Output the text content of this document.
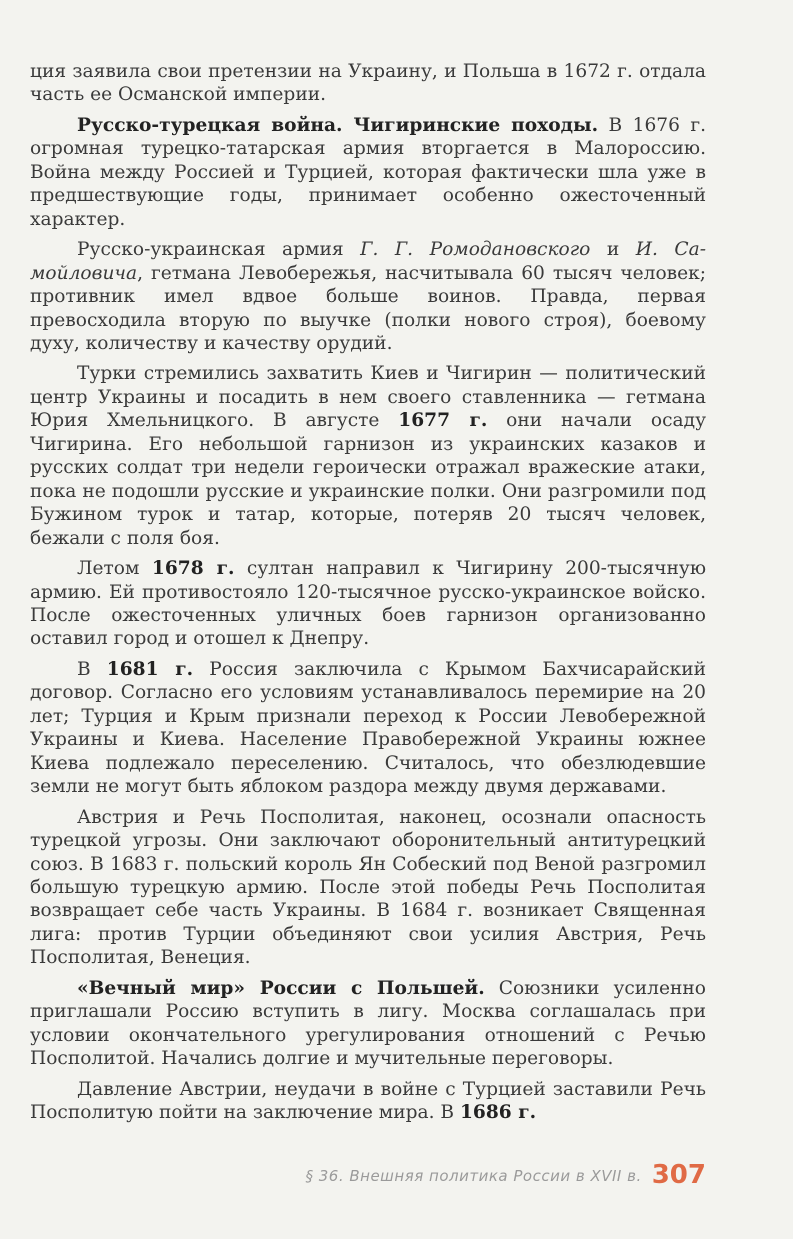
ция заявила свои претензии на Украину, и Польша в 1672 г. отдала часть ее Османской империи.

Русско-турецкая война. Чигиринские походы. В 1676 г. огромная турецко-татарская армия вторгается в Малороссию. Война между Россией и Турцией, которая фактически шла уже в предшествующие годы, принимает особенно ожесточенный характер.

Русско-украинская армия Г. Г. Ромодановского и И. Самойловича, гетмана Левобережья, насчитывала 60 тысяч человек; противник имел вдвое больше воинов. Правда, первая превосходила вторую по выучке (полки нового строя), боевому духу, количеству и качеству орудий.

Турки стремились захватить Киев и Чигирин — политический центр Украины и посадить в нем своего ставленника — гетмана Юрия Хмельницкого. В августе 1677 г. они начали осаду Чигирина. Его небольшой гарнизон из украинских казаков и русских солдат три недели героически отражал вражеские атаки, пока не подошли русские и украинские полки. Они разгромили под Бужином турок и татар, которые, потеряв 20 тысяч человек, бежали с поля боя.

Летом 1678 г. султан направил к Чигирину 200-тысячную армию. Ей противостояло 120-тысячное русско-украинское войско. После ожесточенных уличных боев гарнизон организованно оставил город и отошел к Днепру.

В 1681 г. Россия заключила с Крымом Бахчисарайский договор. Согласно его условиям устанавливалось перемирие на 20 лет; Турция и Крым признали переход к России Левобережной Украины и Киева. Население Правобережной Украины южнее Киева подлежало переселению. Считалось, что обезлюдевшие земли не могут быть яблоком раздора между двумя державами.

Австрия и Речь Посполитая, наконец, осознали опасность турецкой угрозы. Они заключают оборонительный антитурецкий союз. В 1683 г. польский король Ян Собеский под Веной разгромил большую турецкую армию. После этой победы Речь Посполитая возвращает себе часть Украины. В 1684 г. возникает Священная лига: против Турции объединяют свои усилия Австрия, Речь Посполитая, Венеция.

«Вечный мир» России с Польшей. Союзники усиленно приглашали Россию вступить в лигу. Москва соглашалась при условии окончательного урегулирования отношений с Речью Посполитой. Начались долгие и мучительные переговоры.

Давление Австрии, неудачи в войне с Турцией заставили Речь Посполитую пойти на заключение мира. В 1686 г.

§ 36. Внешняя политика России в XVII в. 307
